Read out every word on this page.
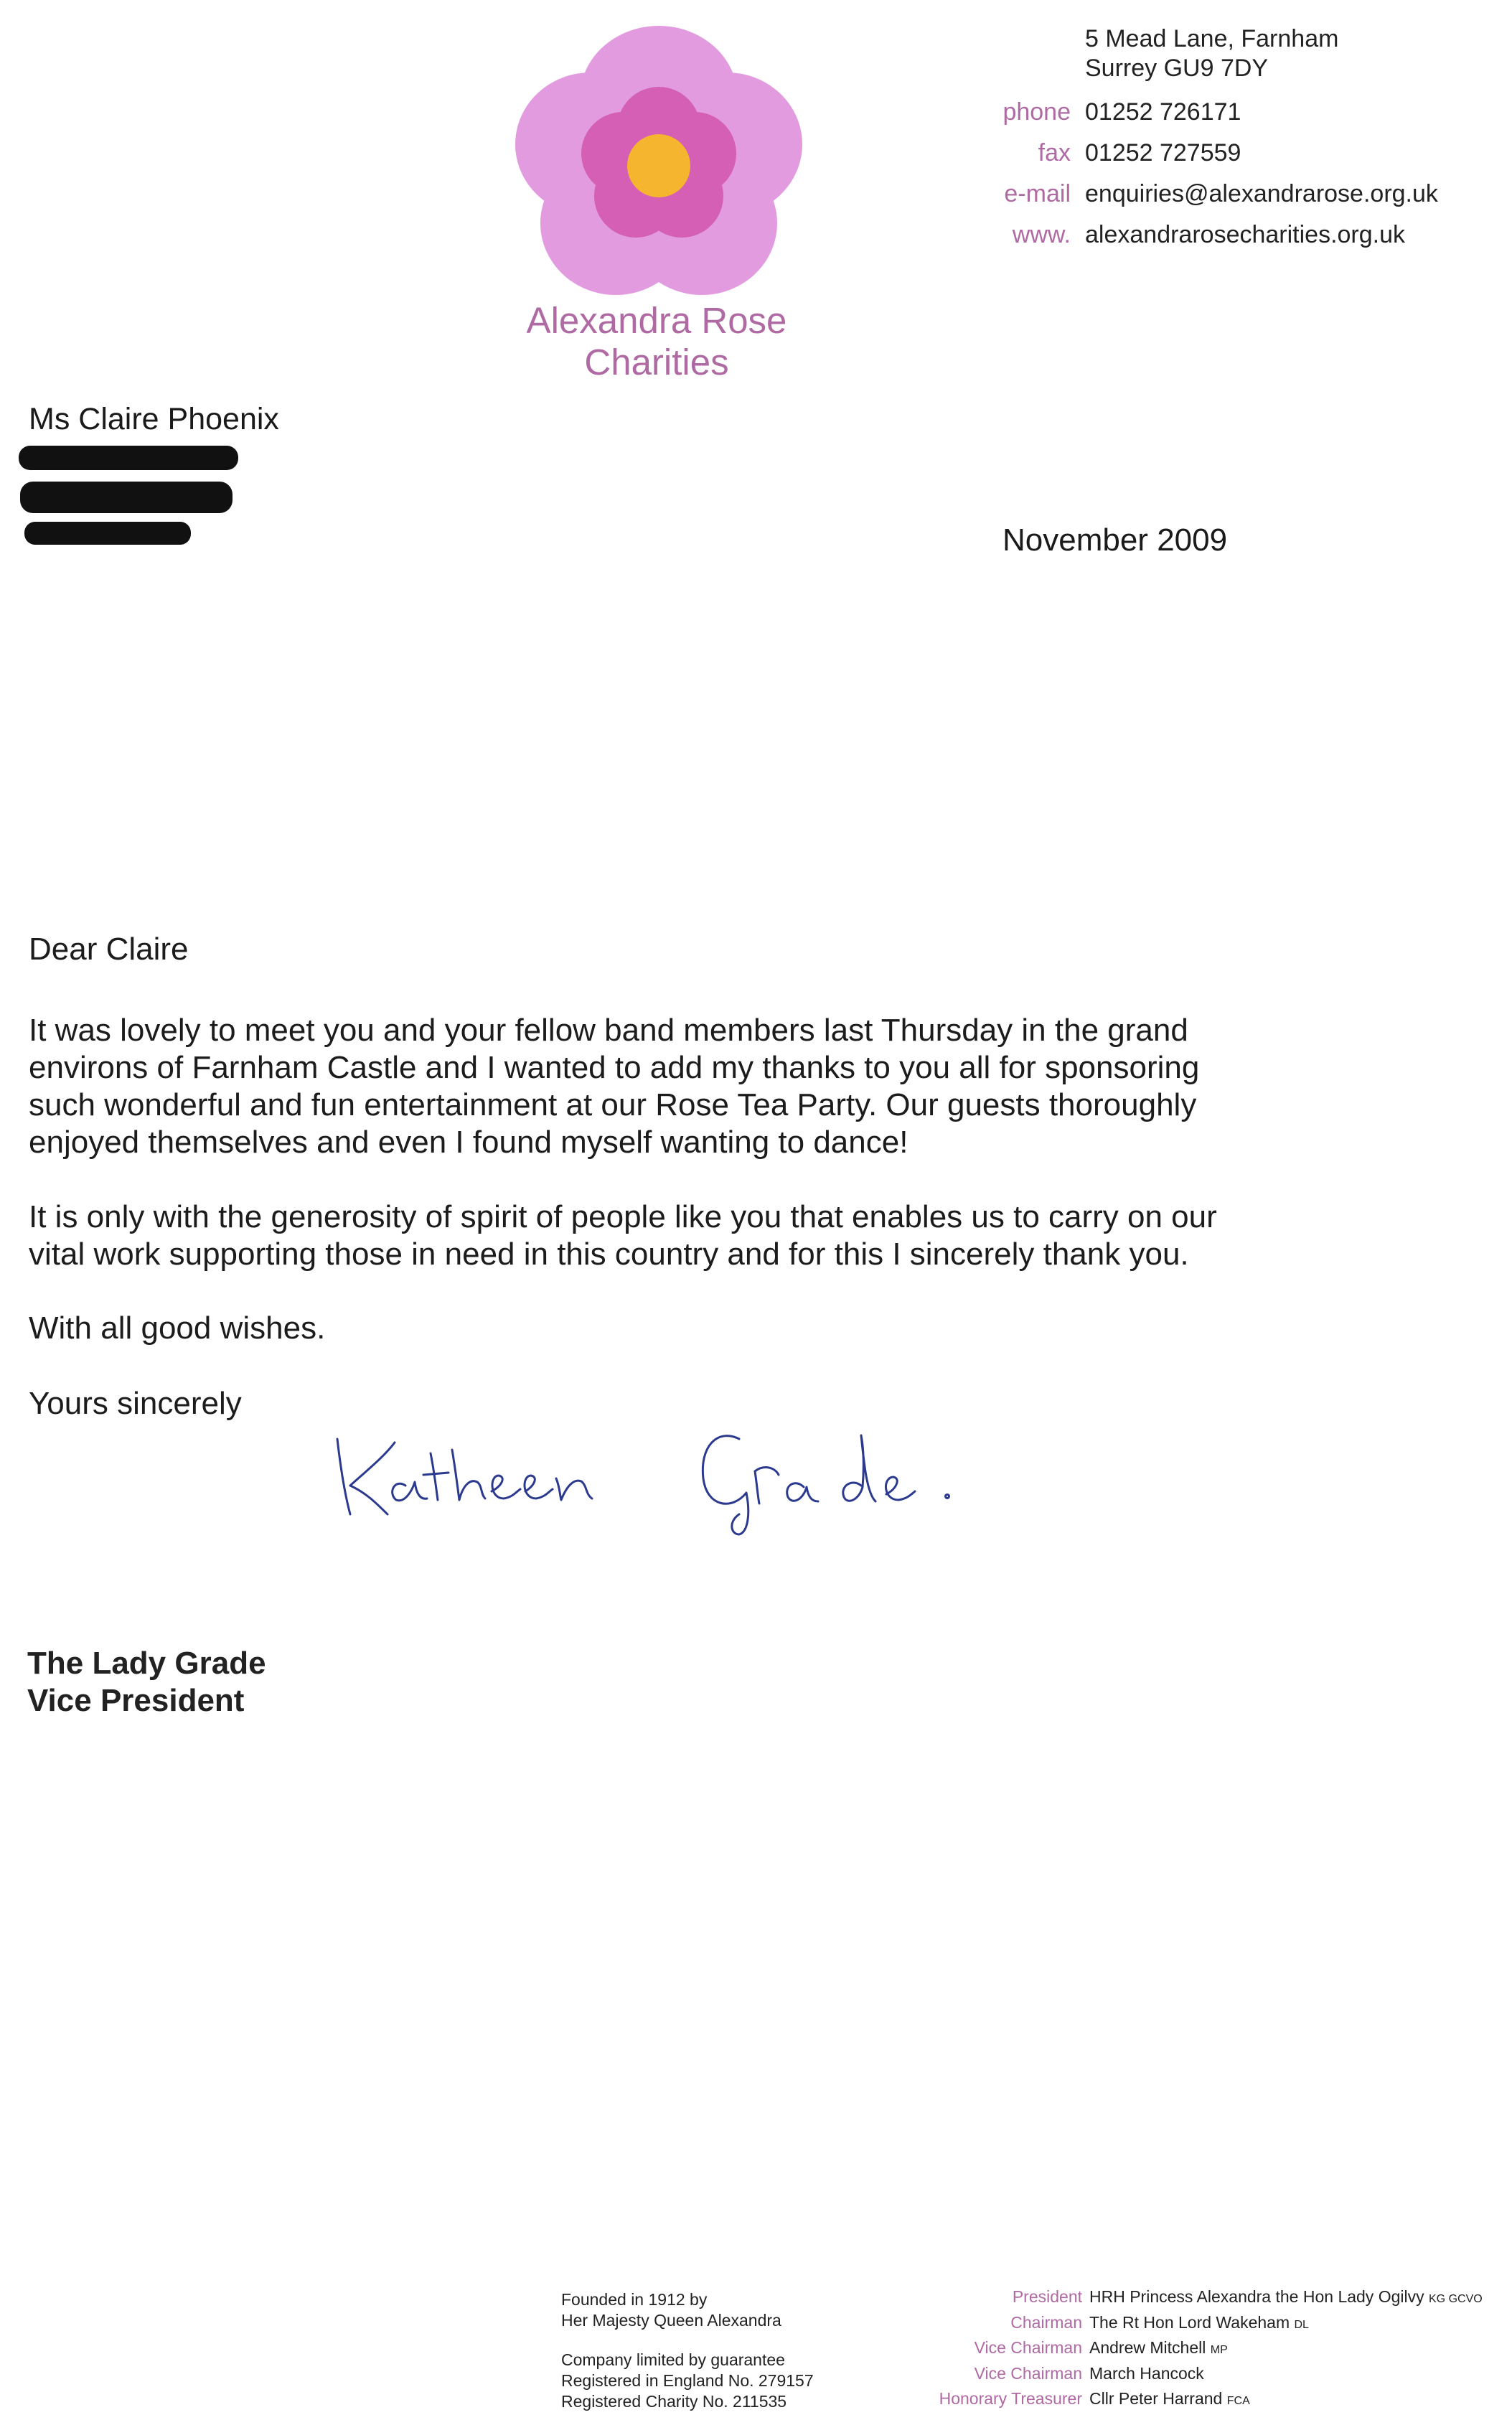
Alexandra Rose
Charities
5 Mead Lane, Farnham
Surrey GU9 7DY
phone 01252 726171
fax 01252 727559
e-mail enquiries@alexandrarose.org.uk
www. alexandrarosecharities.org.uk
Ms Claire Phoenix
November 2009
Dear Claire
It was lovely to meet you and your fellow band members last Thursday in the grand
environs of Farnham Castle and I wanted to add my thanks to you all for sponsoring
such wonderful and fun entertainment at our Rose Tea Party. Our guests thoroughly
enjoyed themselves and even I found myself wanting to dance!
It is only with the generosity of spirit of people like you that enables us to carry on our
vital work supporting those in need in this country and for this I sincerely thank you.
With all good wishes.
Yours sincerely
The Lady Grade
Vice President
Founded in 1912 by
Her Majesty Queen Alexandra
Company limited by guarantee
Registered in England No. 279157
Registered Charity No. 211535
President HRH Princess Alexandra the Hon Lady Ogilvy KG GCVO
Chairman The Rt Hon Lord Wakeham DL
Vice Chairman Andrew Mitchell MP
Vice Chairman March Hancock
Honorary Treasurer Cllr Peter Harrand FCA
